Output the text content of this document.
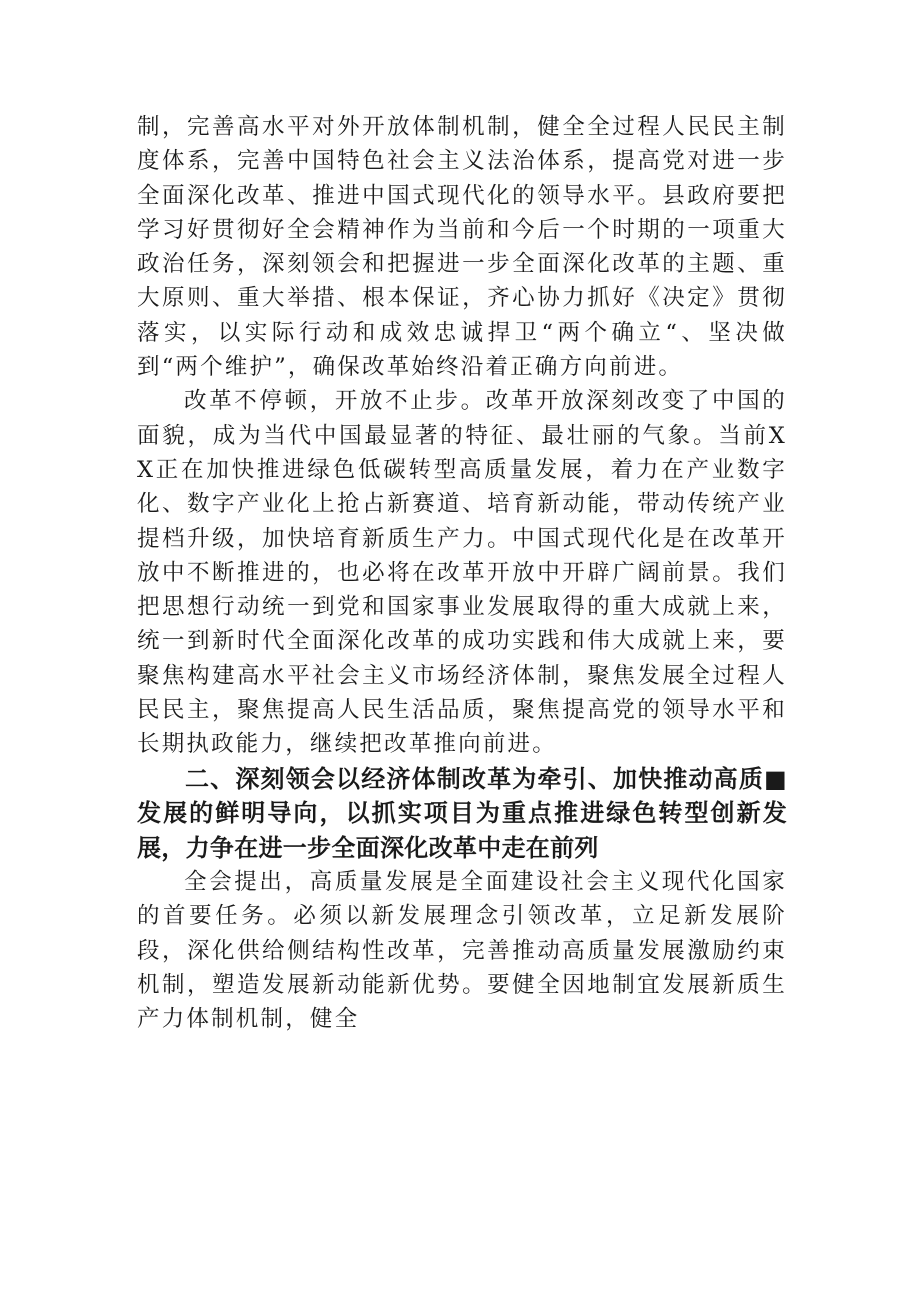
制，完善高水平对外开放体制机制，健全全过程人民民主制度体系，完善中国特色社会主义法治体系，提高党对进一步全面深化改革、推进中国式现代化的领导水平。县政府要把学习好贯彻好全会精神作为当前和今后一个时期的一项重大政治任务，深刻领会和把握进一步全面深化改革的主题、重大原则、重大举措、根本保证，齐心协力抓好《决定》贯彻落实，以实际行动和成效忠诚捍卫“两个确立“、坚决做到“两个维护”，确保改革始终沿着正确方向前进。

改革不停顿，开放不止步。改革开放深刻改变了中国的面貌，成为当代中国最显著的特征、最壮丽的气象。当前XX正在加快推进绿色低碳转型高质量发展，着力在产业数字化、数字产业化上抢占新赛道、培育新动能，带动传统产业提档升级，加快培育新质生产力。中国式现代化是在改革开放中不断推进的，也必将在改革开放中开辟广阔前景。我们把思想行动统一到党和国家事业发展取得的重大成就上来，统一到新时代全面深化改革的成功实践和伟大成就上来，要聚焦构建高水平社会主义市场经济体制，聚焦发展全过程人民民主，聚焦提高人民生活品质，聚焦提高党的领导水平和长期执政能力，继续把改革推向前进。

二、深刻领会以经济体制改革为牵引、加快推动高质■发展的鲜明导向，以抓实项目为重点推进绿色转型创新发展，力争在进一步全面深化改革中走在前列

全会提出，高质量发展是全面建设社会主义现代化国家的首要任务。必须以新发展理念引领改革，立足新发展阶段，深化供给侧结构性改革，完善推动高质量发展激励约束机制，塑造发展新动能新优势。要健全因地制宜发展新质生产力体制机制，健全
